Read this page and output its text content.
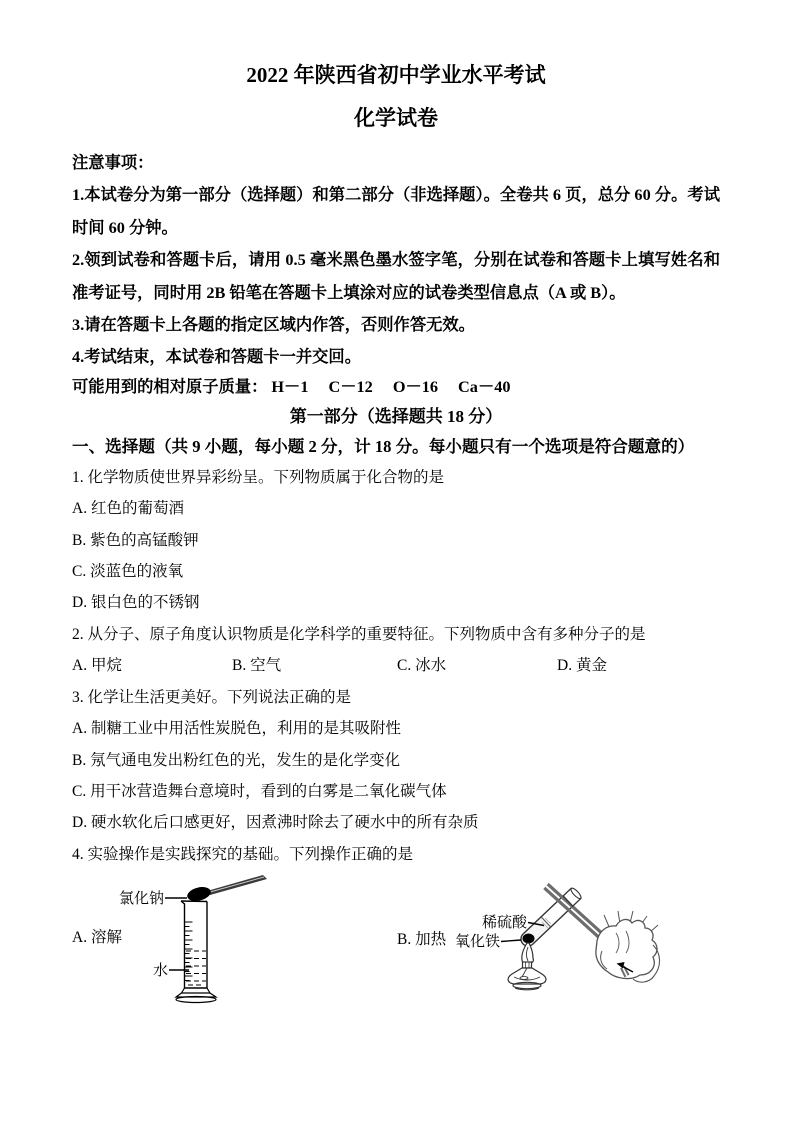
2022 年陕西省初中学业水平考试
化学试卷

注意事项：

1.本试卷分为第一部分（选择题）和第二部分（非选择题）。全卷共 6 页，总分 60 分。考试时间 60 分钟。

2.领到试卷和答题卡后，请用 0.5 毫米黑色墨水签字笔，分别在试卷和答题卡上填写姓名和准考证号，同时用 2B 铅笔在答题卡上填涂对应的试卷类型信息点（A 或 B）。

3.请在答题卡上各题的指定区域内作答，否则作答无效。

4.考试结束，本试卷和答题卡一并交回。

可能用到的相对原子质量： H－1 C－12 O－16 Ca－40
第一部分（选择题共 18 分）
一、选择题（共 9 小题，每小题 2 分，计 18 分。每小题只有一个选项是符合题意的）
1. 化学物质使世界异彩纷呈。下列物质属于化合物的是
A. 红色的葡萄酒
B. 紫色的高锰酸钾
C. 淡蓝色的液氧
D. 银白色的不锈钢
2. 从分子、原子角度认识物质是化学科学的重要特征。下列物质中含有多种分子的是
A. 甲烷	B. 空气	C. 冰水	D. 黄金
3. 化学让生活更美好。下列说法正确的是
A. 制糖工业中用活性炭脱色，利用的是其吸附性
B. 氖气通电发出粉红色的光，发生的是化学变化
C. 用干冰营造舞台意境时，看到的白雾是二氧化碳气体
D. 硬水软化后口感更好，因煮沸时除去了硬水中的所有杂质
4. 实验操作是实践探究的基础。下列操作正确的是
A. 溶解
氯化钠
水
B. 加热
稀硫酸
氧化铁
